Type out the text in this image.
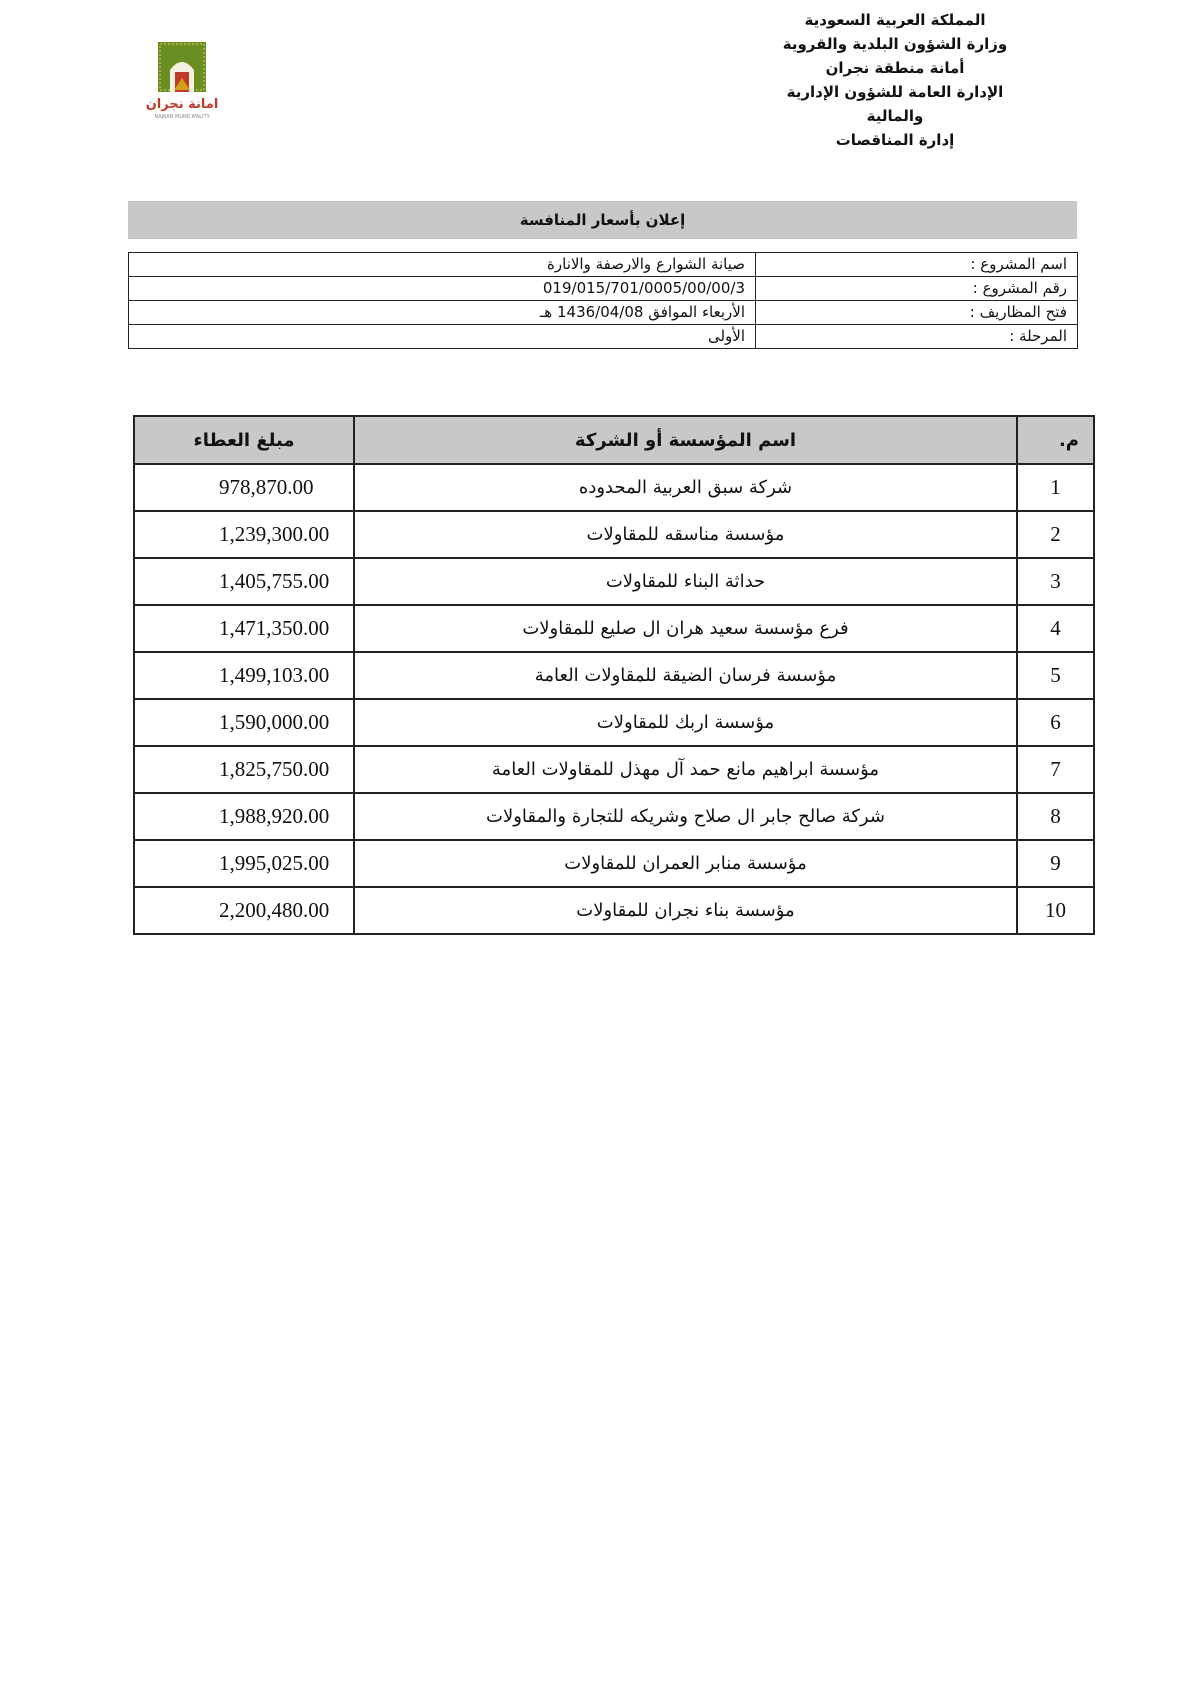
المملكة العربية السعودية
وزارة الشؤون البلدية والقروية
أمانة منطقة نجران
الإدارة العامة للشؤون الإدارية
والمالية
إدارة المناقصات
امانة نجران
NAJRAN MUNICIPALITY
إعلان بأسعار المنافسة
اسم المشروع :	صيانة الشوارع والارصفة والانارة
رقم المشروع :	019/015/701/0005/00/00/3
فتح المظاريف :	الأربعاء الموافق 1436/04/08 هـ
المرحلة :	الأولى
م.	اسم المؤسسة أو الشركة	مبلغ العطاء
1	شركة سبق العربية المحدوده	978,870.00
2	مؤسسة مناسقه للمقاولات	1,239,300.00
3	حداثة البناء للمقاولات	1,405,755.00
4	فرع مؤسسة سعيد هران ال صليع للمقاولات	1,471,350.00
5	مؤسسة فرسان الضيقة للمقاولات العامة	1,499,103.00
6	مؤسسة اربك للمقاولات	1,590,000.00
7	مؤسسة ابراهيم مانع حمد آل مهذل للمقاولات العامة	1,825,750.00
8	شركة صالح جابر ال صلاح وشريكه للتجارة والمقاولات	1,988,920.00
9	مؤسسة منابر العمران للمقاولات	1,995,025.00
10	مؤسسة بناء نجران للمقاولات	2,200,480.00
